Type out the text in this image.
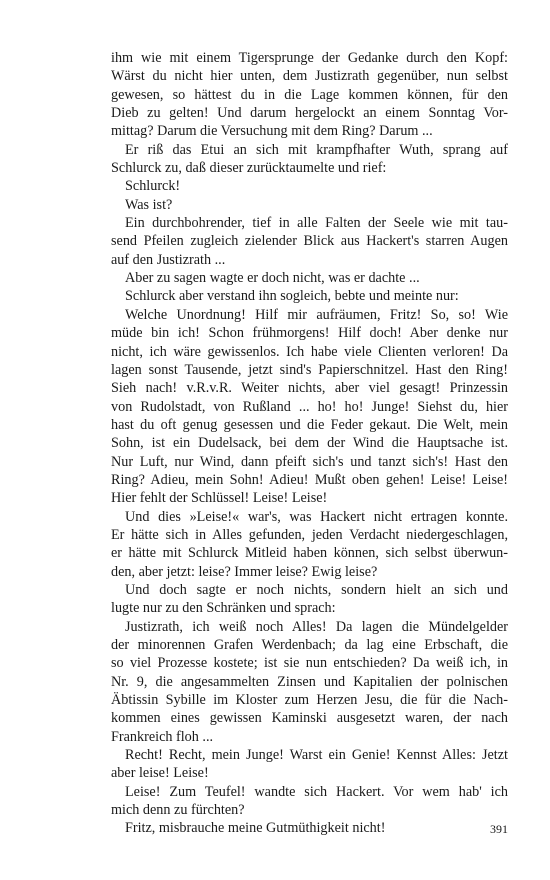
ihm wie mit einem Tigersprunge der Gedanke durch den Kopf:
Wärst du nicht hier unten, dem Justizrath gegenüber, nun selbst
gewesen, so hättest du in die Lage kommen können, für den
Dieb zu gelten! Und darum hergelockt an einem Sonntag Vor-
mittag? Darum die Versuchung mit dem Ring? Darum ...
Er riß das Etui an sich mit krampfhafter Wuth, sprang auf
Schlurck zu, daß dieser zurücktaumelte und rief:
Schlurck!
Was ist?
Ein durchbohrender, tief in alle Falten der Seele wie mit tau-
send Pfeilen zugleich zielender Blick aus Hackert's starren Augen
auf den Justizrath ...
Aber zu sagen wagte er doch nicht, was er dachte ...
Schlurck aber verstand ihn sogleich, bebte und meinte nur:
Welche Unordnung! Hilf mir aufräumen, Fritz! So, so! Wie
müde bin ich! Schon frühmorgens! Hilf doch! Aber denke nur
nicht, ich wäre gewissenlos. Ich habe viele Clienten verloren! Da
lagen sonst Tausende, jetzt sind's Papierschnitzel. Hast den Ring!
Sieh nach! v.R.v.R. Weiter nichts, aber viel gesagt! Prinzessin
von Rudolstadt, von Rußland ... ho! ho! Junge! Siehst du, hier
hast du oft genug gesessen und die Feder gekaut. Die Welt, mein
Sohn, ist ein Dudelsack, bei dem der Wind die Hauptsache ist.
Nur Luft, nur Wind, dann pfeift sich's und tanzt sich's! Hast den
Ring? Adieu, mein Sohn! Adieu! Mußt oben gehen! Leise! Leise!
Hier fehlt der Schlüssel! Leise! Leise!
Und dies »Leise!« war's, was Hackert nicht ertragen konnte.
Er hätte sich in Alles gefunden, jeden Verdacht niedergeschlagen,
er hätte mit Schlurck Mitleid haben können, sich selbst überwun-
den, aber jetzt: leise? Immer leise? Ewig leise?
Und doch sagte er noch nichts, sondern hielt an sich und
lugte nur zu den Schränken und sprach:
Justizrath, ich weiß noch Alles! Da lagen die Mündelgelder
der minorennen Grafen Werdenbach; da lag eine Erbschaft, die
so viel Prozesse kostete; ist sie nun entschieden? Da weiß ich, in
Nr. 9, die angesammelten Zinsen und Kapitalien der polnischen
Äbtissin Sybille im Kloster zum Herzen Jesu, die für die Nach-
kommen eines gewissen Kaminski ausgesetzt waren, der nach
Frankreich floh ...
Recht! Recht, mein Junge! Warst ein Genie! Kennst Alles: Jetzt
aber leise! Leise!
Leise! Zum Teufel! wandte sich Hackert. Vor wem hab' ich
mich denn zu fürchten?
Fritz, misbrauche meine Gutmüthigkeit nicht!	391
